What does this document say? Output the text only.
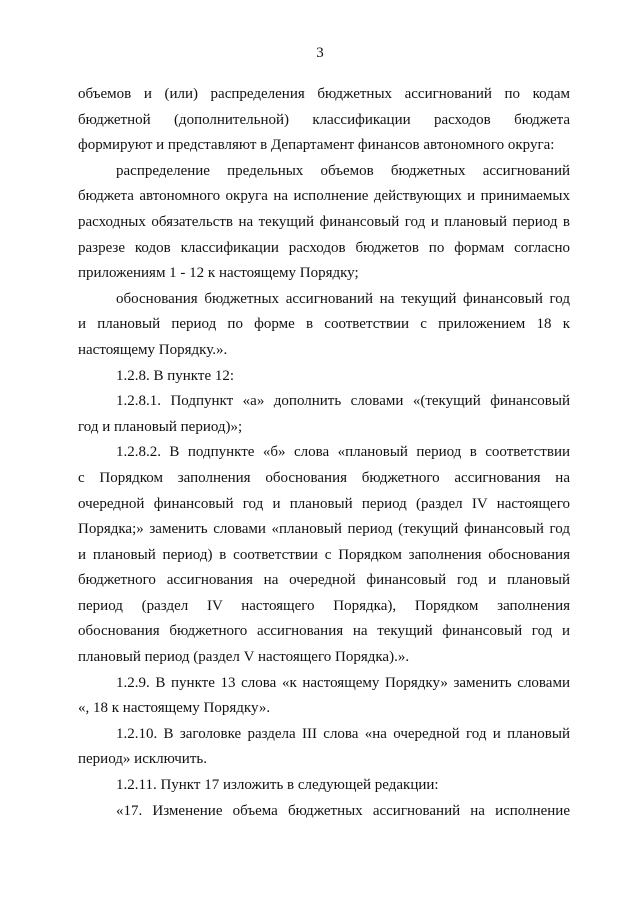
3

объемов и (или) распределения бюджетных ассигнований по кодам
бюджетной (дополнительной) классификации расходов бюджета
формируют и представляют в Департамент финансов автономного округа:

распределение предельных объемов бюджетных ассигнований
бюджета автономного округа на исполнение действующих и принимаемых
расходных обязательств на текущий финансовый год и плановый период в
разрезе кодов классификации расходов бюджетов по формам согласно
приложениям 1 - 12 к настоящему Порядку;

обоснования бюджетных ассигнований на текущий финансовый год
и плановый период по форме в соответствии с приложением 18 к
настоящему Порядку.».

1.2.8. В пункте 12:

1.2.8.1. Подпункт «а» дополнить словами «(текущий финансовый
год и плановый период)»;

1.2.8.2. В подпункте «б» слова «плановый период в соответствии
с Порядком заполнения обоснования бюджетного ассигнования на
очередной финансовый год и плановый период (раздел IV настоящего
Порядка;» заменить словами «плановый период (текущий финансовый год
и плановый период) в соответствии с Порядком заполнения обоснования
бюджетного ассигнования на очередной финансовый год и плановый
период (раздел IV настоящего Порядка), Порядком заполнения
обоснования бюджетного ассигнования на текущий финансовый год и
плановый период (раздел V настоящего Порядка).».

1.2.9. В пункте 13 слова «к настоящему Порядку» заменить словами
«, 18 к настоящему Порядку».

1.2.10. В заголовке раздела III слова «на очередной год и плановый
период» исключить.

1.2.11. Пункт 17 изложить в следующей редакции:

«17. Изменение объема бюджетных ассигнований на исполнение
